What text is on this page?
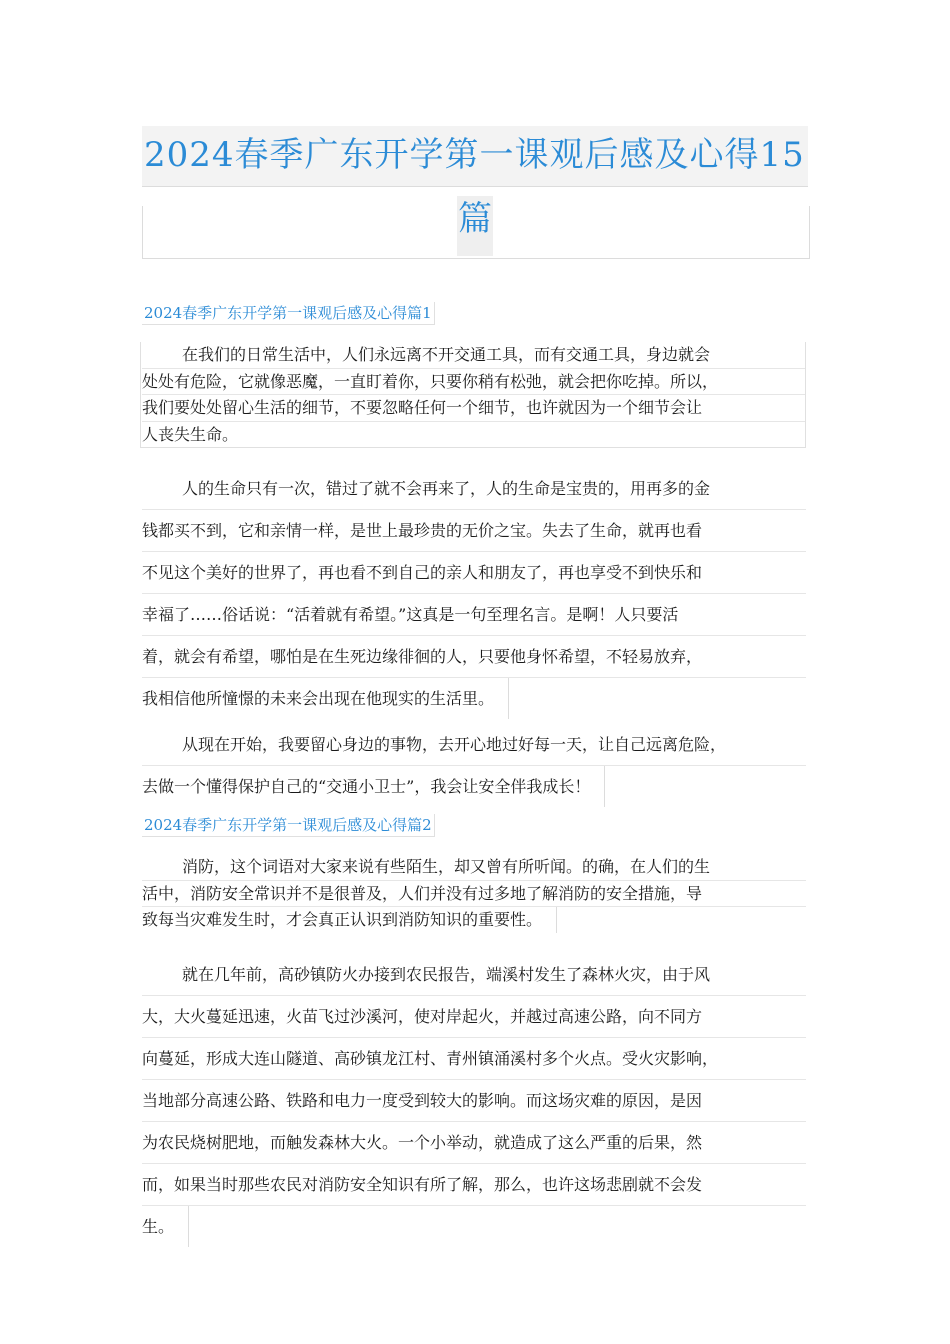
2024春季广东开学第一课观后感及心得15
篇
2024春季广东开学第一课观后感及心得篇1
在我们的日常生活中，人们永远离不开交通工具，而有交通工具，身边就会
处处有危险，它就像恶魔，一直盯着你，只要你稍有松弛，就会把你吃掉。所以，
我们要处处留心生活的细节，不要忽略任何一个细节，也许就因为一个细节会让
人丧失生命。
人的生命只有一次，错过了就不会再来了，人的生命是宝贵的，用再多的金
钱都买不到，它和亲情一样，是世上最珍贵的无价之宝。失去了生命，就再也看
不见这个美好的世界了，再也看不到自己的亲人和朋友了，再也享受不到快乐和
幸福了……俗话说：“活着就有希望。”这真是一句至理名言。是啊！人只要活
着，就会有希望，哪怕是在生死边缘徘徊的人，只要他身怀希望，不轻易放弃，
我相信他所憧憬的未来会出现在他现实的生活里。
从现在开始，我要留心身边的事物，去开心地过好每一天，让自己远离危险，
去做一个懂得保护自己的“交通小卫士”，我会让安全伴我成长！
2024春季广东开学第一课观后感及心得篇2
消防，这个词语对大家来说有些陌生，却又曾有所听闻。的确，在人们的生
活中，消防安全常识并不是很普及，人们并没有过多地了解消防的安全措施，导
致每当灾难发生时，才会真正认识到消防知识的重要性。
就在几年前，高砂镇防火办接到农民报告，端溪村发生了森林火灾，由于风
大，大火蔓延迅速，火苗飞过沙溪河，使对岸起火，并越过高速公路，向不同方
向蔓延，形成大连山隧道、高砂镇龙江村、青州镇涌溪村多个火点。受火灾影响，
当地部分高速公路、铁路和电力一度受到较大的影响。而这场灾难的原因，是因
为农民烧树肥地，而触发森林大火。一个小举动，就造成了这么严重的后果，然
而，如果当时那些农民对消防安全知识有所了解，那么，也许这场悲剧就不会发
生。
